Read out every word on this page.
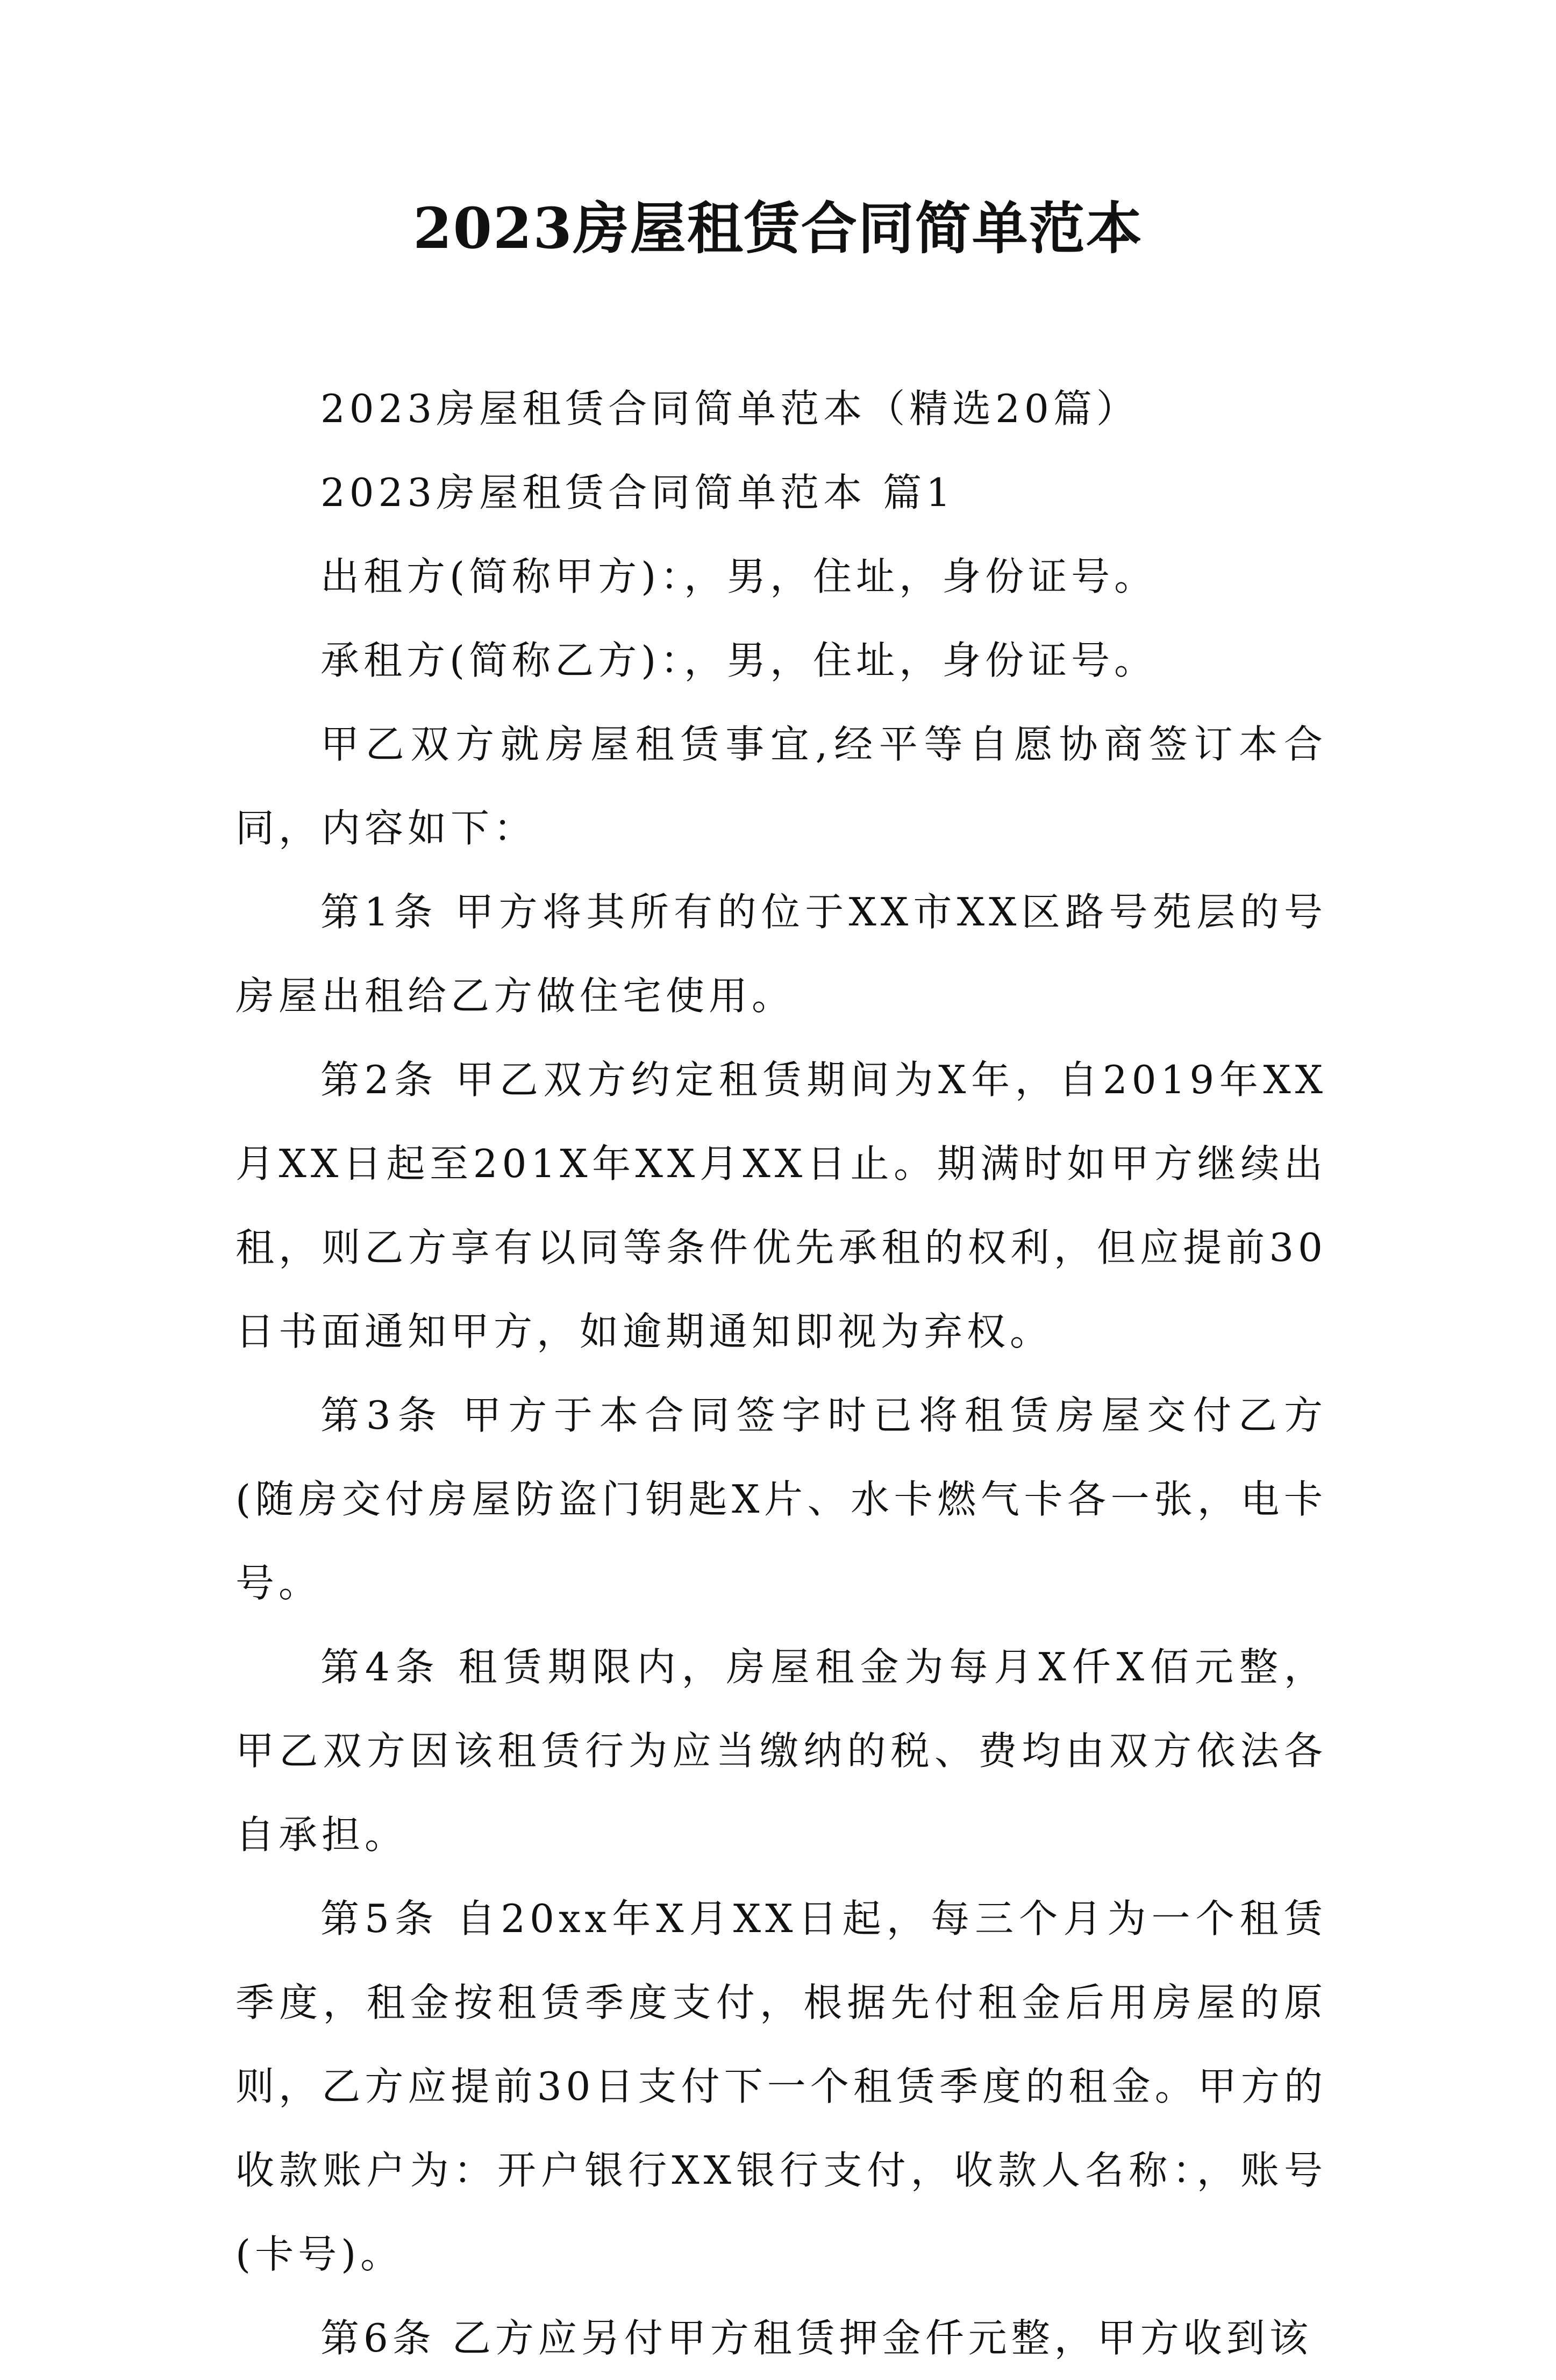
2023房屋租赁合同简单范本

2023房屋租赁合同简单范本（精选20篇）

2023房屋租赁合同简单范本 篇1

出租方(简称甲方)：，男，住址，身份证号。

承租方(简称乙方)：，男，住址，身份证号。

甲乙双方就房屋租赁事宜,经平等自愿协商签订本合同，内容如下：

第1条 甲方将其所有的位于XX市XX区路号苑层的号房屋出租给乙方做住宅使用。

第2条 甲乙双方约定租赁期间为X年，自2019年XX月XX日起至201X年XX月XX日止。期满时如甲方继续出租，则乙方享有以同等条件优先承租的权利，但应提前30日书面通知甲方，如逾期通知即视为弃权。

第3条 甲方于本合同签字时已将租赁房屋交付乙方(随房交付房屋防盗门钥匙X片、水卡燃气卡各一张，电卡号。

第4条 租赁期限内，房屋租金为每月X仟X佰元整，甲乙双方因该租赁行为应当缴纳的税、费均由双方依法各自承担。

第5条 自20xx年X月XX日起，每三个月为一个租赁季度，租金按租赁季度支付，根据先付租金后用房屋的原则，乙方应提前30日支付下一个租赁季度的租金。甲方的收款账户为：开户银行XX银行支付，收款人名称：，账号(卡号)。

第6条 乙方应另付甲方租赁押金仟元整，甲方收到该
